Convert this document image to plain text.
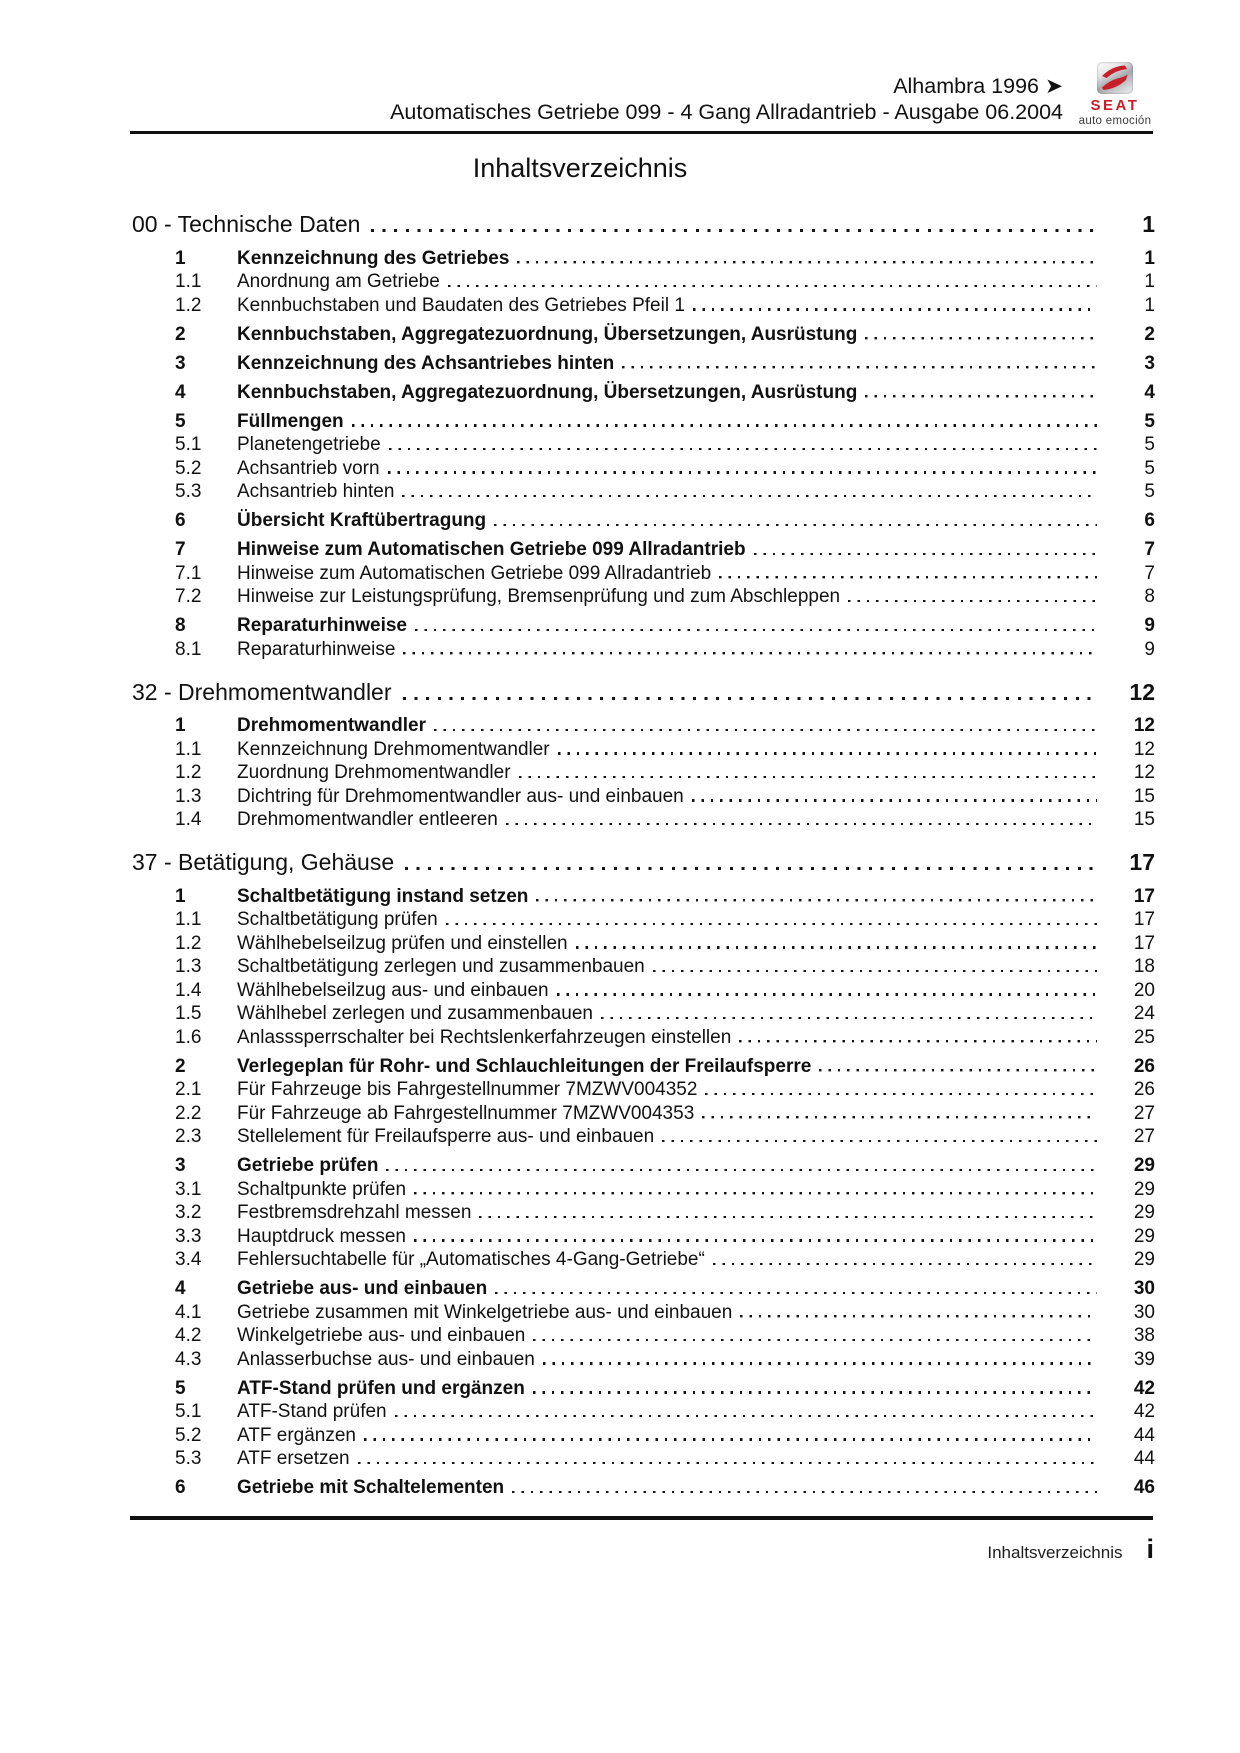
Alhambra 1996 ➤
Automatisches Getriebe 099 - 4 Gang Allradantrieb - Ausgabe 06.2004 SEAT
auto emoción
Inhaltsverzeichnis
00 - Technische Daten	1
1	Kennzeichnung des Getriebes	1
1.1	Anordnung am Getriebe	1
1.2	Kennbuchstaben und Baudaten des Getriebes Pfeil 1	1
2	Kennbuchstaben, Aggregatezuordnung, Übersetzungen, Ausrüstung	2
3	Kennzeichnung des Achsantriebes hinten	3
4	Kennbuchstaben, Aggregatezuordnung, Übersetzungen, Ausrüstung	4
5	Füllmengen	5
5.1	Planetengetriebe	5
5.2	Achsantrieb vorn	5
5.3	Achsantrieb hinten	5
6	Übersicht Kraftübertragung	6
7	Hinweise zum Automatischen Getriebe 099 Allradantrieb	7
7.1	Hinweise zum Automatischen Getriebe 099 Allradantrieb	7
7.2	Hinweise zur Leistungsprüfung, Bremsenprüfung und zum Abschleppen	8
8	Reparaturhinweise	9
8.1	Reparaturhinweise	9
32 - Drehmomentwandler	12
1	Drehmomentwandler	12
1.1	Kennzeichnung Drehmomentwandler	12
1.2	Zuordnung Drehmomentwandler	12
1.3	Dichtring für Drehmomentwandler aus- und einbauen	15
1.4	Drehmomentwandler entleeren	15
37 - Betätigung, Gehäuse	17
1	Schaltbetätigung instand setzen	17
1.1	Schaltbetätigung prüfen	17
1.2	Wählhebelseilzug prüfen und einstellen	17
1.3	Schaltbetätigung zerlegen und zusammenbauen	18
1.4	Wählhebelseilzug aus- und einbauen	20
1.5	Wählhebel zerlegen und zusammenbauen	24
1.6	Anlasssperrschalter bei Rechtslenkerfahrzeugen einstellen	25
2	Verlegeplan für Rohr- und Schlauchleitungen der Freilaufsperre	26
2.1	Für Fahrzeuge bis Fahrgestellnummer 7MZWV004352	26
2.2	Für Fahrzeuge ab Fahrgestellnummer 7MZWV004353	27
2.3	Stellelement für Freilaufsperre aus- und einbauen	27
3	Getriebe prüfen	29
3.1	Schaltpunkte prüfen	29
3.2	Festbremsdrehzahl messen	29
3.3	Hauptdruck messen	29
3.4	Fehlersuchtabelle für „Automatisches 4-Gang-Getriebe“	29
4	Getriebe aus- und einbauen	30
4.1	Getriebe zusammen mit Winkelgetriebe aus- und einbauen	30
4.2	Winkelgetriebe aus- und einbauen	38
4.3	Anlasserbuchse aus- und einbauen	39
5	ATF-Stand prüfen und ergänzen	42
5.1	ATF-Stand prüfen	42
5.2	ATF ergänzen	44
5.3	ATF ersetzen	44
6	Getriebe mit Schaltelementen	46
Inhaltsverzeichnis i
